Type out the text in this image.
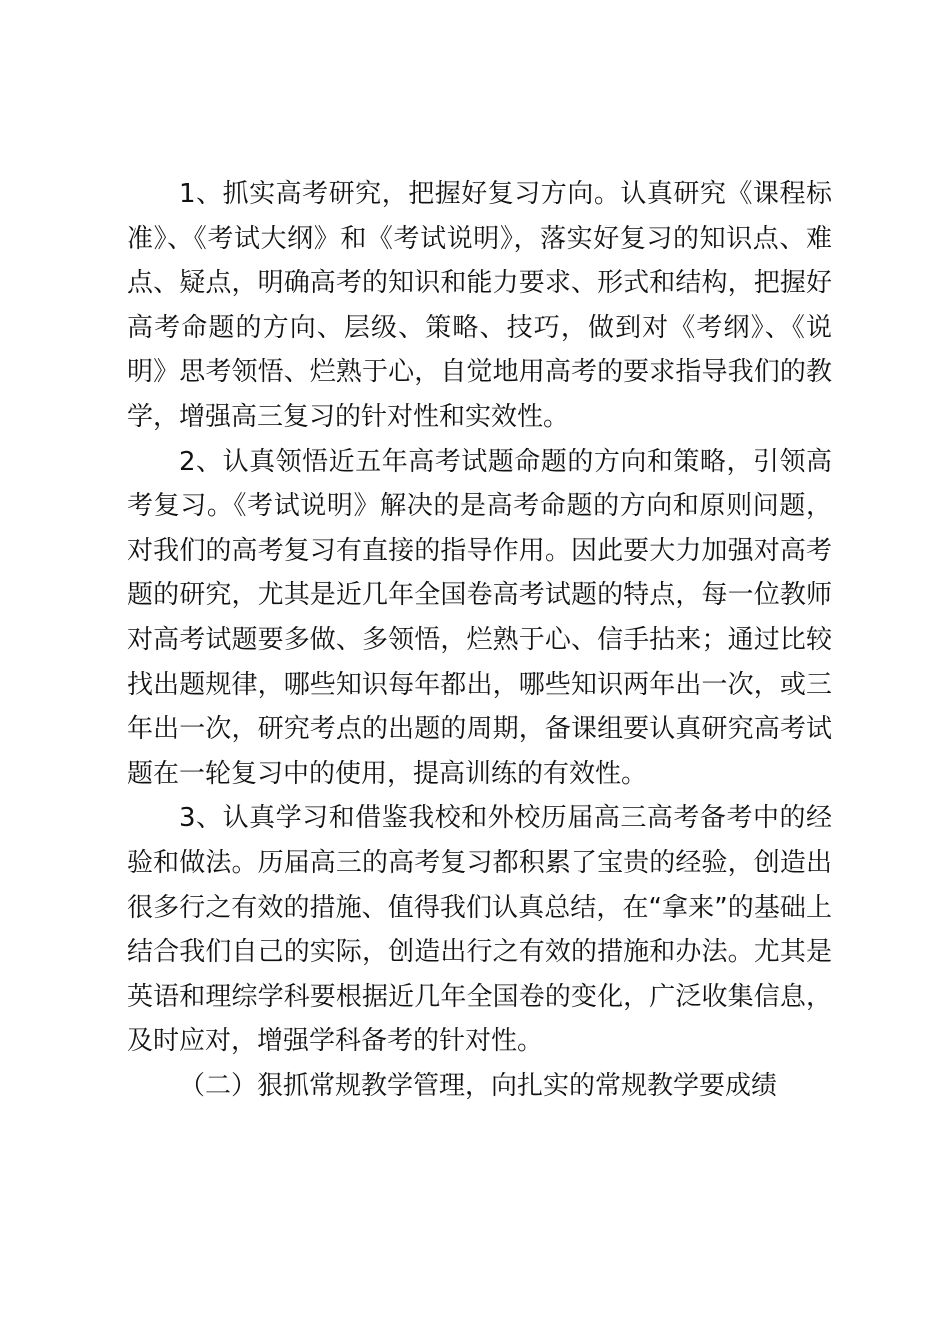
1、抓实高考研究，把握好复习方向。认真研究《课程标准》、《考试大纲》和《考试说明》，落实好复习的知识点、难点、疑点，明确高考的知识和能力要求、形式和结构，把握好高考命题的方向、层级、策略、技巧，做到对《考纲》、《说明》思考领悟、烂熟于心，自觉地用高考的要求指导我们的教学，增强高三复习的针对性和实效性。

2、认真领悟近五年高考试题命题的方向和策略，引领高考复习。《考试说明》解决的是高考命题的方向和原则问题，对我们的高考复习有直接的指导作用。因此要大力加强对高考题的研究，尤其是近几年全国卷高考试题的特点，每一位教师对高考试题要多做、多领悟，烂熟于心、信手拈来；通过比较找出题规律，哪些知识每年都出，哪些知识两年出一次，或三年出一次，研究考点的出题的周期，备课组要认真研究高考试题在一轮复习中的使用，提高训练的有效性。

3、认真学习和借鉴我校和外校历届高三高考备考中的经验和做法。历届高三的高考复习都积累了宝贵的经验，创造出很多行之有效的措施、值得我们认真总结，在“拿来”的基础上结合我们自己的实际，创造出行之有效的措施和办法。尤其是英语和理综学科要根据近几年全国卷的变化，广泛收集信息，及时应对，增强学科备考的针对性。

（二）狠抓常规教学管理，向扎实的常规教学要成绩
